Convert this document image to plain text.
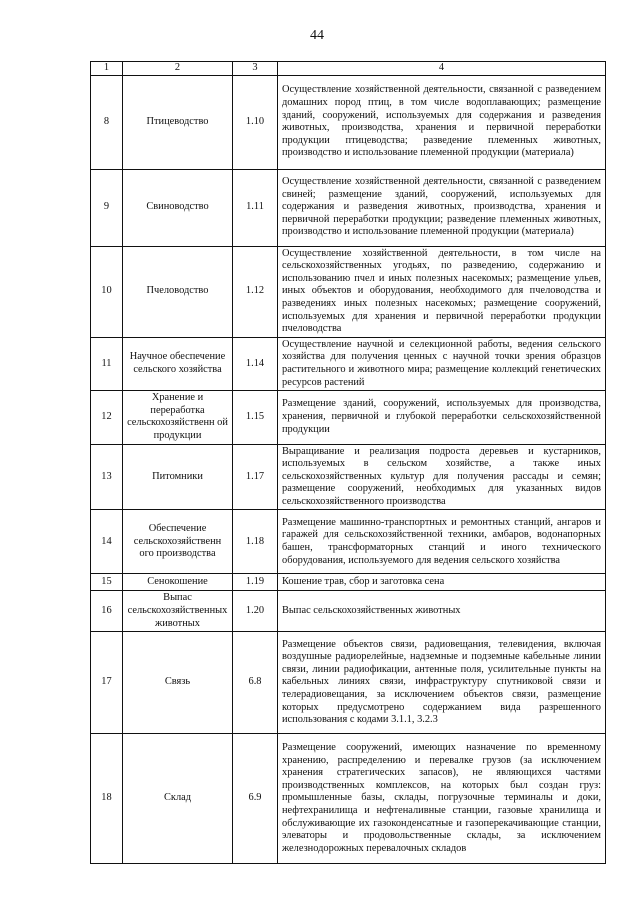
44
1	2	3	4
8	Птицеводство	1.10	Осуществление хозяйственной деятельности, связанной с разведением домашних пород птиц, в том числе водоплавающих; размещение зданий, сооружений, используемых для содержания и разведения животных, производства, хранения и первичной переработки продукции птицеводства; разведение племенных животных, производство и использование племенной продукции (материала)
9	Свиноводство	1.11	Осуществление хозяйственной деятельности, связанной с разведением свиней; размещение зданий, сооружений, используемых для содержания и разведения животных, производства, хранения и первичной переработки продукции; разведение племенных животных, производство и использование племенной продукции (материала)
10	Пчеловодство	1.12	Осуществление хозяйственной деятельности, в том числе на сельскохозяйственных угодьях, по разведению, содержанию и использованию пчел и иных полезных насекомых; размещение ульев, иных объектов и оборудования, необходимого для пчеловодства и разведениях иных полезных насекомых; размещение сооружений, используемых для хранения и первичной переработки продукции пчеловодства
11	Научное обеспечение сельского хозяйства	1.14	Осуществление научной и селекционной работы, ведения сельского хозяйства для получения ценных с научной точки зрения образцов растительного и животного мира; размещение коллекций генетических ресурсов растений
12	Хранение и переработка сельскохозяйственн ой продукции	1.15	Размещение зданий, сооружений, используемых для производства, хранения, первичной и глубокой переработки сельскохозяйственной продукции
13	Питомники	1.17	Выращивание и реализация подроста деревьев и кустарников, используемых в сельском хозяйстве, а также иных сельскохозяйственных культур для получения рассады и семян; размещение сооружений, необходимых для указанных видов сельскохозяйственного производства
14	Обеспечение сельскохозяйственн ого производства	1.18	Размещение машинно-транспортных и ремонтных станций, ангаров и гаражей для сельскохозяйственной техники, амбаров, водонапорных башен, трансформаторных станций и иного технического оборудования, используемого для ведения сельского хозяйства
15	Сенокошение	1.19	Кошение трав, сбор и заготовка сена
16	Выпас сельскохозяйственных животных	1.20	Выпас сельскохозяйственных животных
17	Связь	6.8	Размещение объектов связи, радиовещания, телевидения, включая воздушные радиорелейные, надземные и подземные кабельные линии связи, линии радиофикации, антенные поля, усилительные пункты на кабельных линиях связи, инфраструктуру спутниковой связи и телерадиовещания, за исключением объектов связи, размещение которых предусмотрено содержанием вида разрешенного использования с кодами 3.1.1, 3.2.3
18	Склад	6.9	Размещение сооружений, имеющих назначение по временному хранению, распределению и перевалке грузов (за исключением хранения стратегических запасов), не являющихся частями производственных комплексов, на которых был создан груз: промышленные базы, склады, погрузочные терминалы и доки, нефтехранилища и нефтеналивные станции, газовые хранилища и обслуживающие их газоконденсатные и газоперекачивающие станции, элеваторы и продовольственные склады, за исключением железнодорожных перевалочных складов
